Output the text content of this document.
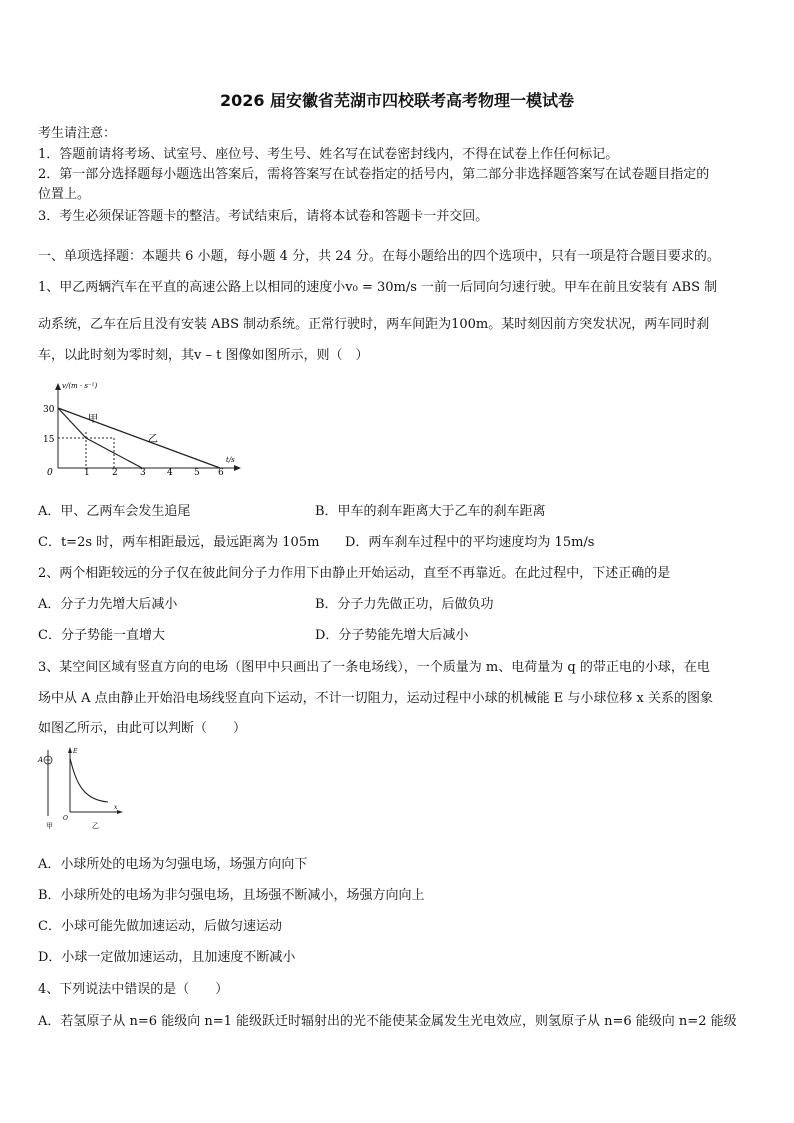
2026 届安徽省芜湖市四校联考高考物理一模试卷
考生请注意：
1．答题前请将考场、试室号、座位号、考生号、姓名写在试卷密封线内，不得在试卷上作任何标记。
2．第一部分选择题每小题选出答案后，需将答案写在试卷指定的括号内，第二部分非选择题答案写在试卷题目指定的
位置上。
3．考生必须保证答题卡的整洁。考试结束后，请将本试卷和答题卡一并交回。
一、单项选择题：本题共 6 小题，每小题 4 分，共 24 分。在每小题给出的四个选项中，只有一项是符合题目要求的。
1、甲乙两辆汽车在平直的高速公路上以相同的速度小v₀ = 30m/s 一前一后同向匀速行驶。甲车在前且安装有 ABS 制
动系统，乙车在后且没有安装 ABS 制动系统。正常行驶时，两车间距为100m。某时刻因前方突发状况，两车同时刹
车，以此时刻为零时刻，其v – t 图像如图所示，则（　）
v/(m · s⁻¹)
t/s
30
15
0	1 2 3 4 5 6
甲
乙
A．甲、乙两车会发生追尾	B．甲车的刹车距离大于乙车的刹车距离
C．t=2s 时，两车相距最远，最远距离为 105m D．两车刹车过程中的平均速度均为 15m/s
2、两个相距较远的分子仅在彼此间分子力作用下由静止开始运动，直至不再靠近。在此过程中，下述正确的是
A．分子力先增大后减小	B．分子力先做正功，后做负功
C．分子势能一直增大	D．分子势能先增大后减小
3、某空间区域有竖直方向的电场（图甲中只画出了一条电场线），一个质量为 m、电荷量为 q 的带正电的小球，在电
场中从 A 点由静止开始沿电场线竖直向下运动，不计一切阻力，运动过程中小球的机械能 E 与小球位移 x 关系的图象
如图乙所示，由此可以判断（　　）
A
甲
E
x
O
乙
A．小球所处的电场为匀强电场，场强方向向下
B．小球所处的电场为非匀强电场，且场强不断减小，场强方向向上
C．小球可能先做加速运动，后做匀速运动
D．小球一定做加速运动，且加速度不断减小
4、下列说法中错误的是（　　）
A．若氢原子从 n=6 能级向 n=1 能级跃迁时辐射出的光不能使某金属发生光电效应，则氢原子从 n=6 能级向 n=2 能级
